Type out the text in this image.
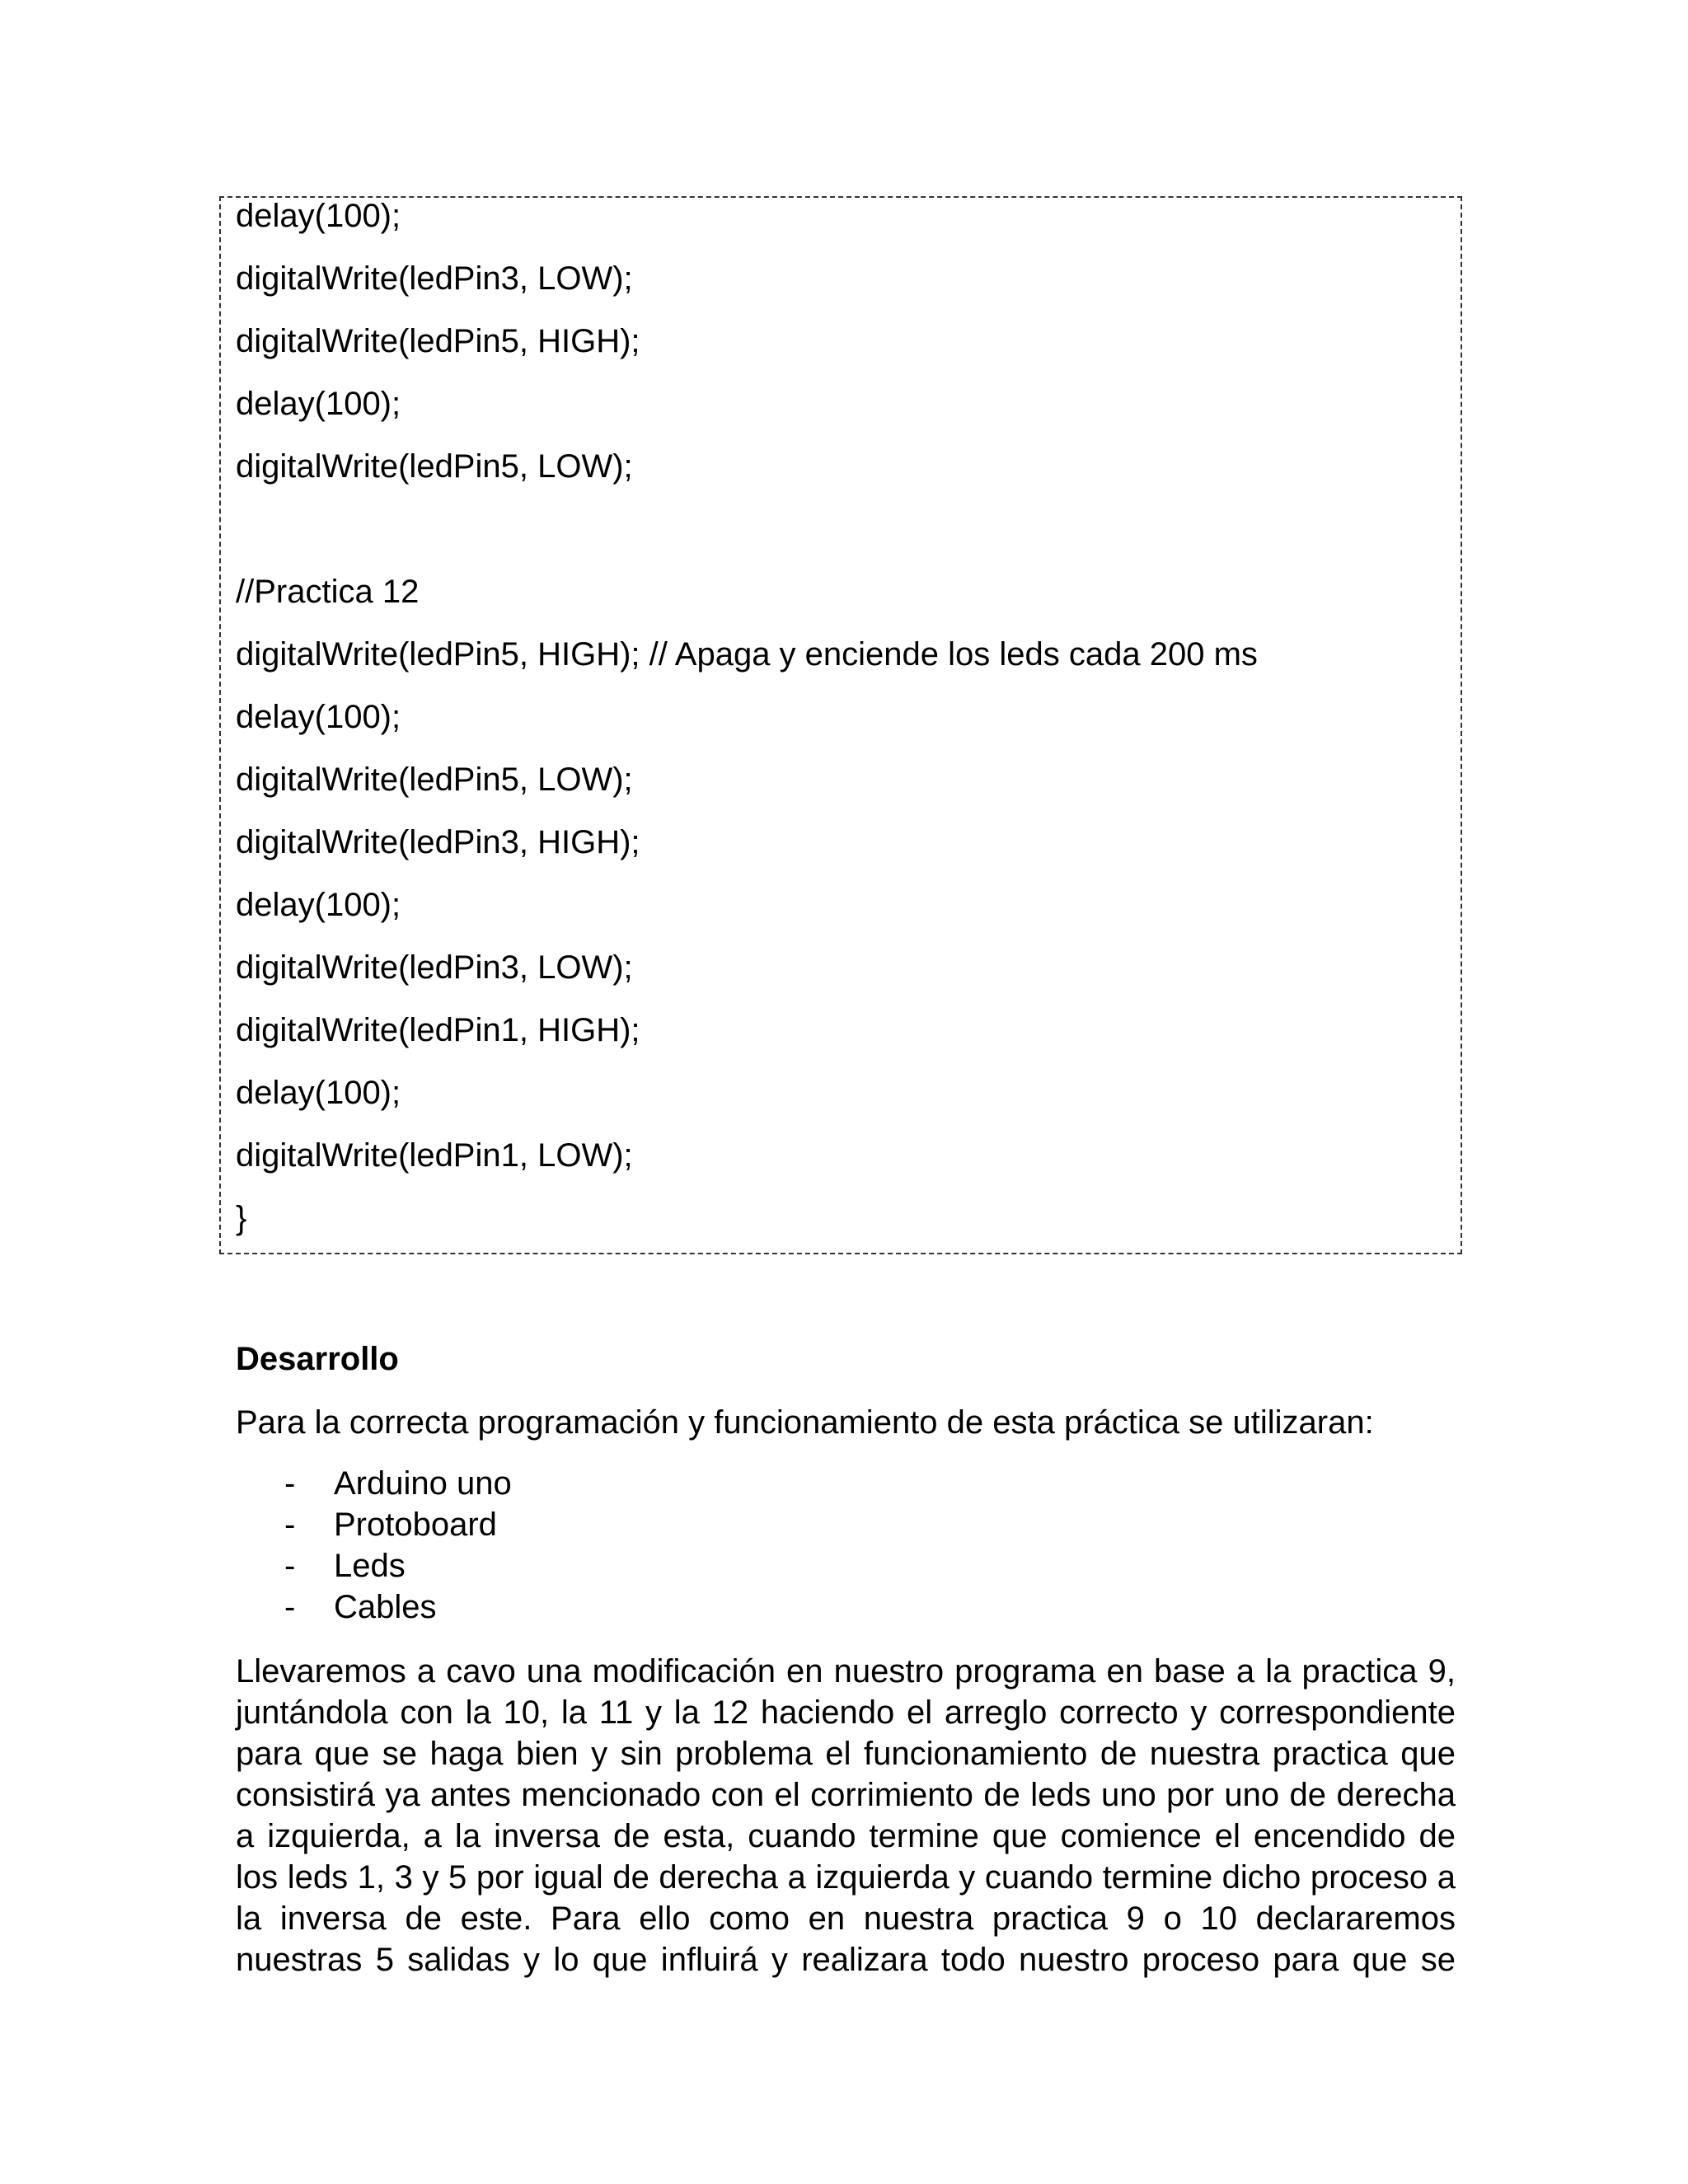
delay(100);
digitalWrite(ledPin3, LOW);
digitalWrite(ledPin5, HIGH);
delay(100);
digitalWrite(ledPin5, LOW);
//Practica 12
digitalWrite(ledPin5, HIGH); // Apaga y enciende los leds cada 200 ms
delay(100);
digitalWrite(ledPin5, LOW);
digitalWrite(ledPin3, HIGH);
delay(100);
digitalWrite(ledPin3, LOW);
digitalWrite(ledPin1, HIGH);
delay(100);
digitalWrite(ledPin1, LOW);
}
Desarrollo
Para la correcta programación y funcionamiento de esta práctica se utilizaran:
- Arduino uno
- Protoboard
- Leds
- Cables
Llevaremos a cavo una modificación en nuestro programa en base a la practica 9,
juntándola con la 10, la 11 y la 12 haciendo el arreglo correcto y correspondiente
para que se haga bien y sin problema el funcionamiento de nuestra practica que
consistirá ya antes mencionado con el corrimiento de leds uno por uno de derecha
a izquierda, a la inversa de esta, cuando termine que comience el encendido de
los leds 1, 3 y 5 por igual de derecha a izquierda y cuando termine dicho proceso a
la inversa de este. Para ello como en nuestra practica 9 o 10 declararemos
nuestras 5 salidas y lo que influirá y realizara todo nuestro proceso para que se
